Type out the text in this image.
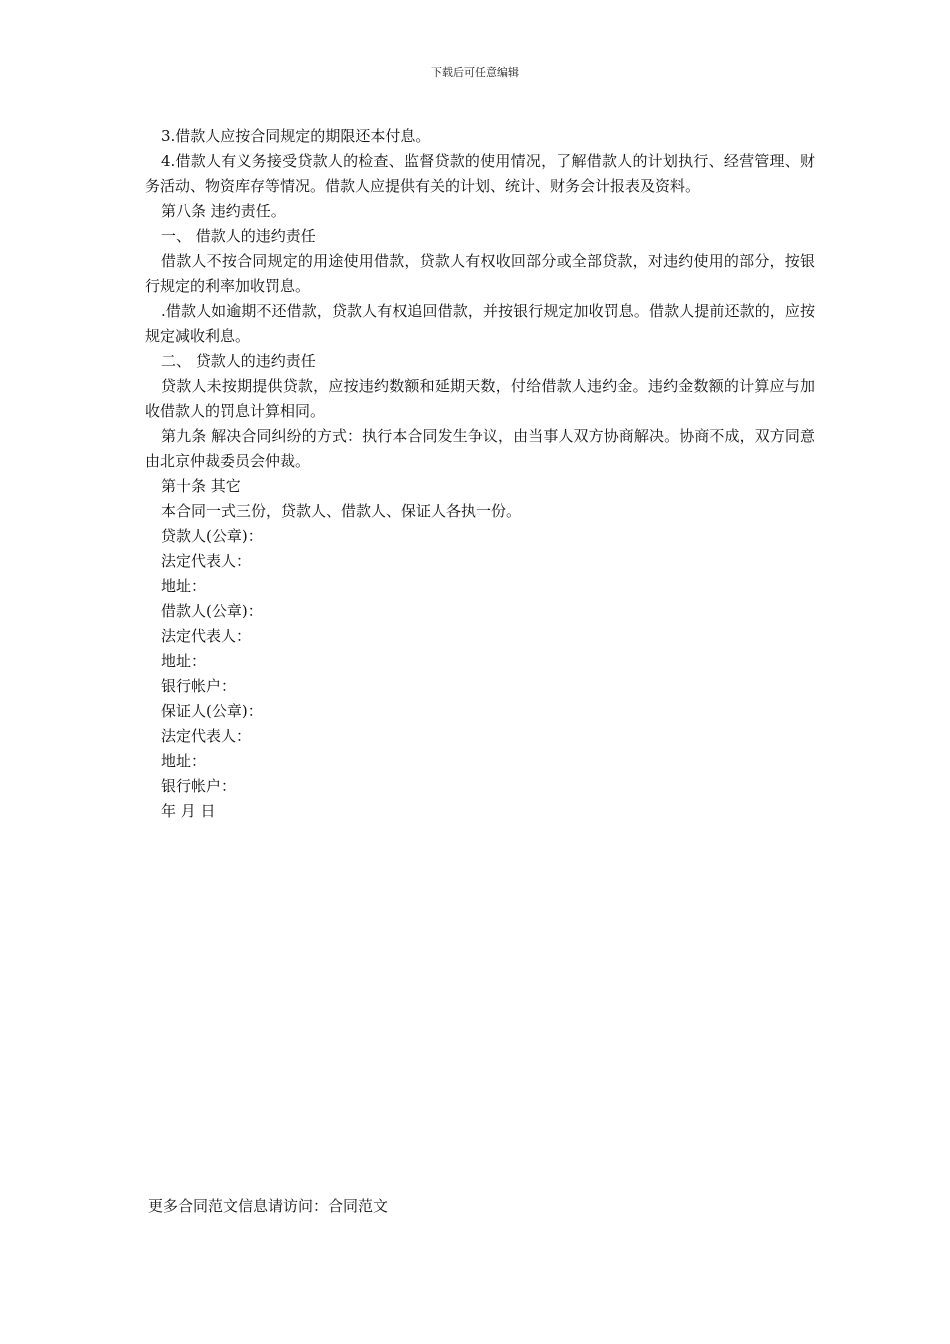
下载后可任意编辑

3.借款人应按合同规定的期限还本付息。

4.借款人有义务接受贷款人的检查、监督贷款的使用情况，了解借款人的计划执行、经营管理、财务活动、物资库存等情况。借款人应提供有关的计划、统计、财务会计报表及资料。

第八条 违约责任。

一、 借款人的违约责任

借款人不按合同规定的用途使用借款，贷款人有权收回部分或全部贷款，对违约使用的部分，按银行规定的利率加收罚息。

.借款人如逾期不还借款，贷款人有权追回借款，并按银行规定加收罚息。借款人提前还款的，应按规定减收利息。

二、 贷款人的违约责任

贷款人未按期提供贷款，应按违约数额和延期天数，付给借款人违约金。违约金数额的计算应与加收借款人的罚息计算相同。

第九条 解决合同纠纷的方式：执行本合同发生争议，由当事人双方协商解决。协商不成，双方同意由北京仲裁委员会仲裁。

第十条 其它

本合同一式三份，贷款人、借款人、保证人各执一份。

贷款人(公章)：

法定代表人：

地址：

借款人(公章)：

法定代表人：

地址：

银行帐户：

保证人(公章)：

法定代表人：

地址：

银行帐户：

年 月 日

更多合同范文信息请访问：合同范文
